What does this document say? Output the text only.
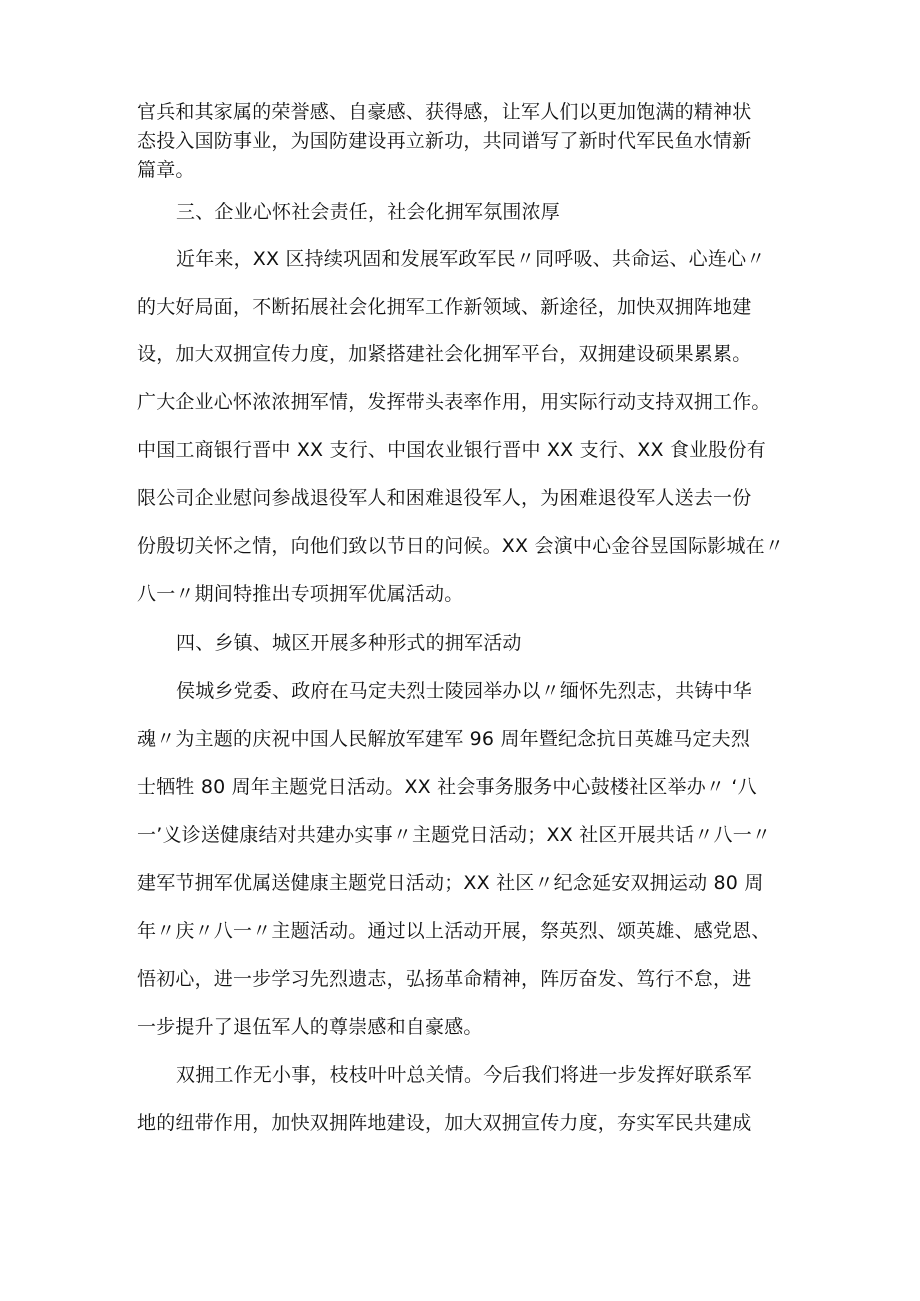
官兵和其家属的荣誉感、自豪感、获得感，让军人们以更加饱满的精神状
态投入国防事业，为国防建设再立新功，共同谱写了新时代军民鱼水情新
篇章。
三、企业心怀社会责任，社会化拥军氛围浓厚
近年来，XX 区持续巩固和发展军政军民〃同呼吸、共命运、心连心〃
的大好局面，不断拓展社会化拥军工作新领域、新途径，加快双拥阵地建
设，加大双拥宣传力度，加紧搭建社会化拥军平台，双拥建设硕果累累。
广大企业心怀浓浓拥军情，发挥带头表率作用，用实际行动支持双拥工作。
中国工商银行晋中 XX 支行、中国农业银行晋中 XX 支行、XX 食业股份有
限公司企业慰问参战退役军人和困难退役军人，为困难退役军人送去一份
份殷切关怀之情，向他们致以节日的问候。XX 会演中心金谷昱国际影城在〃
八一〃期间特推出专项拥军优属活动。
四、乡镇、城区开展多种形式的拥军活动
侯城乡党委、政府在马定夫烈士陵园举办以〃缅怀先烈志，共铸中华
魂〃为主题的庆祝中国人民解放军建军 96 周年暨纪念抗日英雄马定夫烈
士牺牲 80 周年主题党日活动。XX 社会事务服务中心鼓楼社区举办〃 ‘八
一’义诊送健康结对共建办实事〃主题党日活动；XX 社区开展共话〃八一〃
建军节拥军优属送健康主题党日活动；XX 社区〃纪念延安双拥运动 80 周
年〃庆〃八一〃主题活动。通过以上活动开展，祭英烈、颂英雄、感党恩、
悟初心，进一步学习先烈遗志，弘扬革命精神，阵厉奋发、笃行不怠，进
一步提升了退伍军人的尊崇感和自豪感。
双拥工作无小事，枝枝叶叶总关情。今后我们将进一步发挥好联系军
地的纽带作用，加快双拥阵地建设，加大双拥宣传力度，夯实军民共建成
